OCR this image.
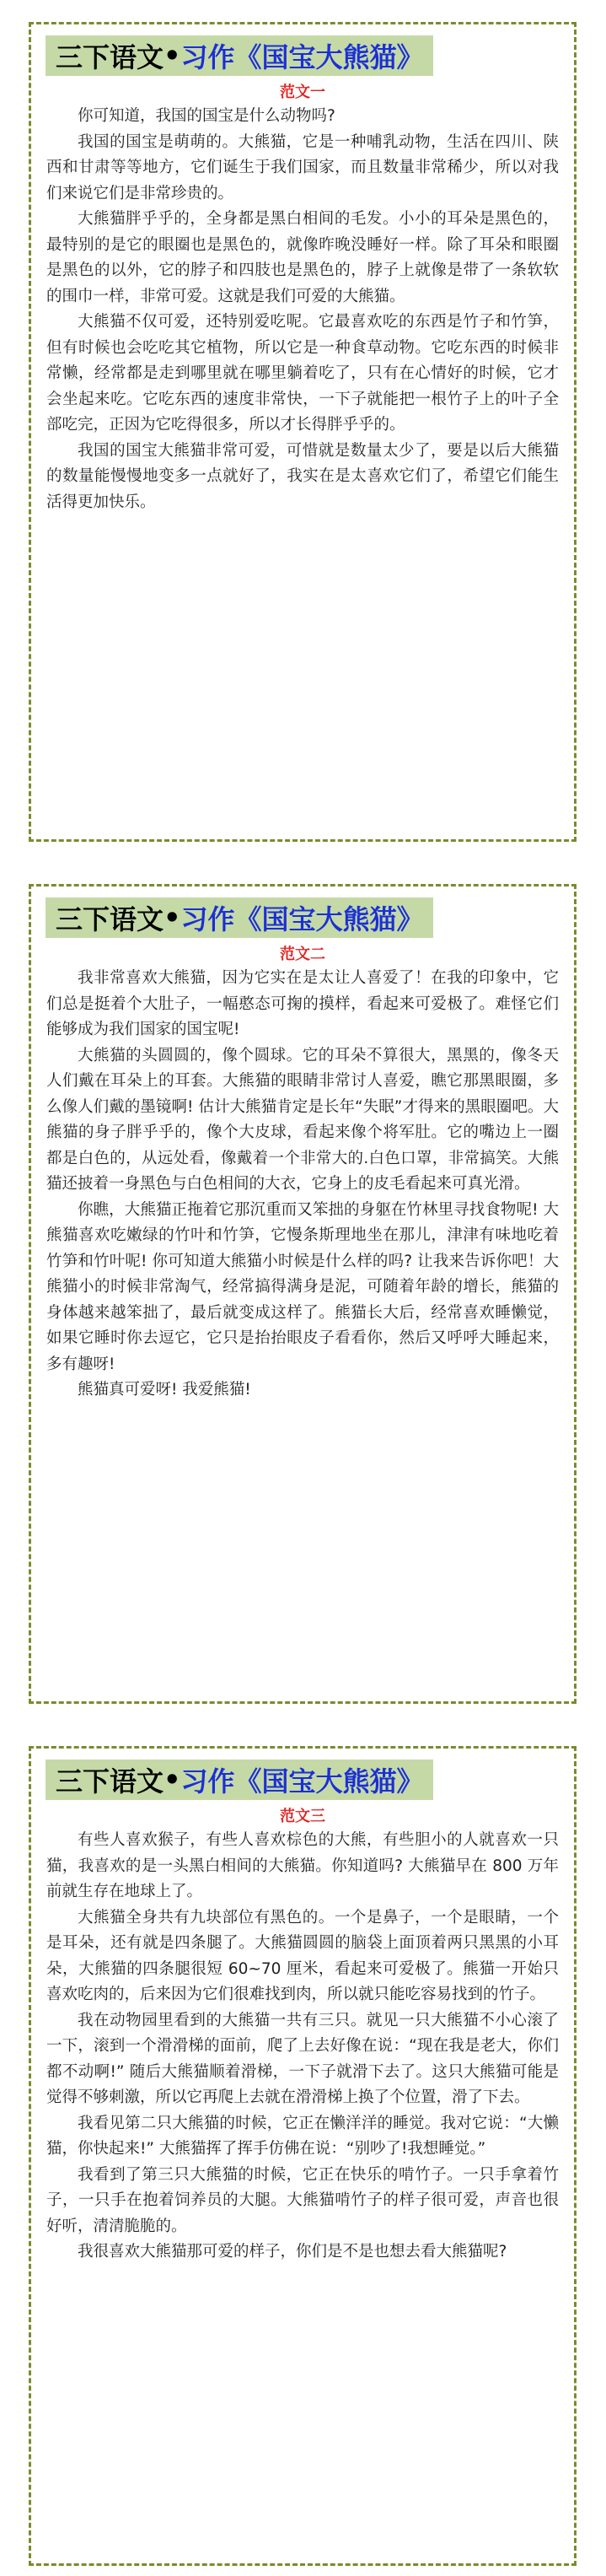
三下语文 • 习作《国宝大熊猫》
范文一

你可知道，我国的国宝是什么动物吗?

我国的国宝是萌萌的。大熊猫，它是一种哺乳动物，生活在四川、陕西和甘肃等等地方，它们诞生于我们国家，而且数量非常稀少，所以对我们来说它们是非常珍贵的。

大熊猫胖乎乎的，全身都是黑白相间的毛发。小小的耳朵是黑色的，最特别的是它的眼圈也是黑色的，就像昨晚没睡好一样。除了耳朵和眼圈是黑色的以外，它的脖子和四肢也是黑色的，脖子上就像是带了一条软软的围巾一样，非常可爱。这就是我们可爱的大熊猫。

大熊猫不仅可爱，还特别爱吃呢。它最喜欢吃的东西是竹子和竹笋，但有时候也会吃吃其它植物，所以它是一种食草动物。它吃东西的时候非常懒，经常都是走到哪里就在哪里躺着吃了，只有在心情好的时候，它才会坐起来吃。它吃东西的速度非常快，一下子就能把一根竹子上的叶子全部吃完，正因为它吃得很多，所以才长得胖乎乎的。

我国的国宝大熊猫非常可爱，可惜就是数量太少了，要是以后大熊猫的数量能慢慢地变多一点就好了，我实在是太喜欢它们了，希望它们能生活得更加快乐。

三下语文 • 习作《国宝大熊猫》
范文二

我非常喜欢大熊猫，因为它实在是太让人喜爱了！在我的印象中，它们总是挺着个大肚子，一幅憨态可掬的摸样，看起来可爱极了。难怪它们能够成为我们国家的国宝呢!

大熊猫的头圆圆的，像个圆球。它的耳朵不算很大，黑黑的，像冬天人们戴在耳朵上的耳套。大熊猫的眼睛非常讨人喜爱，瞧它那黑眼圈，多么像人们戴的墨镜啊! 估计大熊猫肯定是长年“失眠”才得来的黑眼圈吧。大熊猫的身子胖乎乎的，像个大皮球，看起来像个将军肚。它的嘴边上一圈都是白色的，从远处看，像戴着一个非常大的.白色口罩，非常搞笑。大熊猫还披着一身黑色与白色相间的大衣，它身上的皮毛看起来可真光滑。

你瞧，大熊猫正拖着它那沉重而又笨拙的身躯在竹林里寻找食物呢! 大熊猫喜欢吃嫩绿的竹叶和竹笋，它慢条斯理地坐在那儿，津津有味地吃着竹笋和竹叶呢! 你可知道大熊猫小时候是什么样的吗? 让我来告诉你吧！大熊猫小的时候非常淘气，经常搞得满身是泥，可随着年龄的增长，熊猫的身体越来越笨拙了，最后就变成这样了。熊猫长大后，经常喜欢睡懒觉，如果它睡时你去逗它，它只是抬抬眼皮子看看你，然后又呼呼大睡起来，多有趣呀!

熊猫真可爱呀! 我爱熊猫!

三下语文 • 习作《国宝大熊猫》
范文三

有些人喜欢猴子，有些人喜欢棕色的大熊，有些胆小的人就喜欢一只猫，我喜欢的是一头黑白相间的大熊猫。你知道吗? 大熊猫早在 800 万年前就生存在地球上了。

大熊猫全身共有九块部位有黑色的。一个是鼻子，一个是眼睛，一个是耳朵，还有就是四条腿了。大熊猫圆圆的脑袋上面顶着两只黑黑的小耳朵，大熊猫的四条腿很短 60~70 厘米，看起来可爱极了。熊猫一开始只喜欢吃肉的，后来因为它们很难找到肉，所以就只能吃容易找到的竹子。

我在动物园里看到的大熊猫一共有三只。就见一只大熊猫不小心滚了一下，滚到一个滑滑梯的面前，爬了上去好像在说：“现在我是老大，你们都不动啊!” 随后大熊猫顺着滑梯，一下子就滑下去了。这只大熊猫可能是觉得不够刺激，所以它再爬上去就在滑滑梯上换了个位置，滑了下去。

我看见第二只大熊猫的时候，它正在懒洋洋的睡觉。我对它说：“大懒猫，你快起来!” 大熊猫挥了挥手仿佛在说：“别吵了!我想睡觉。”

我看到了第三只大熊猫的时候，它正在快乐的啃竹子。一只手拿着竹子，一只手在抱着饲养员的大腿。大熊猫啃竹子的样子很可爱，声音也很好听，清清脆脆的。

我很喜欢大熊猫那可爱的样子，你们是不是也想去看大熊猫呢?
